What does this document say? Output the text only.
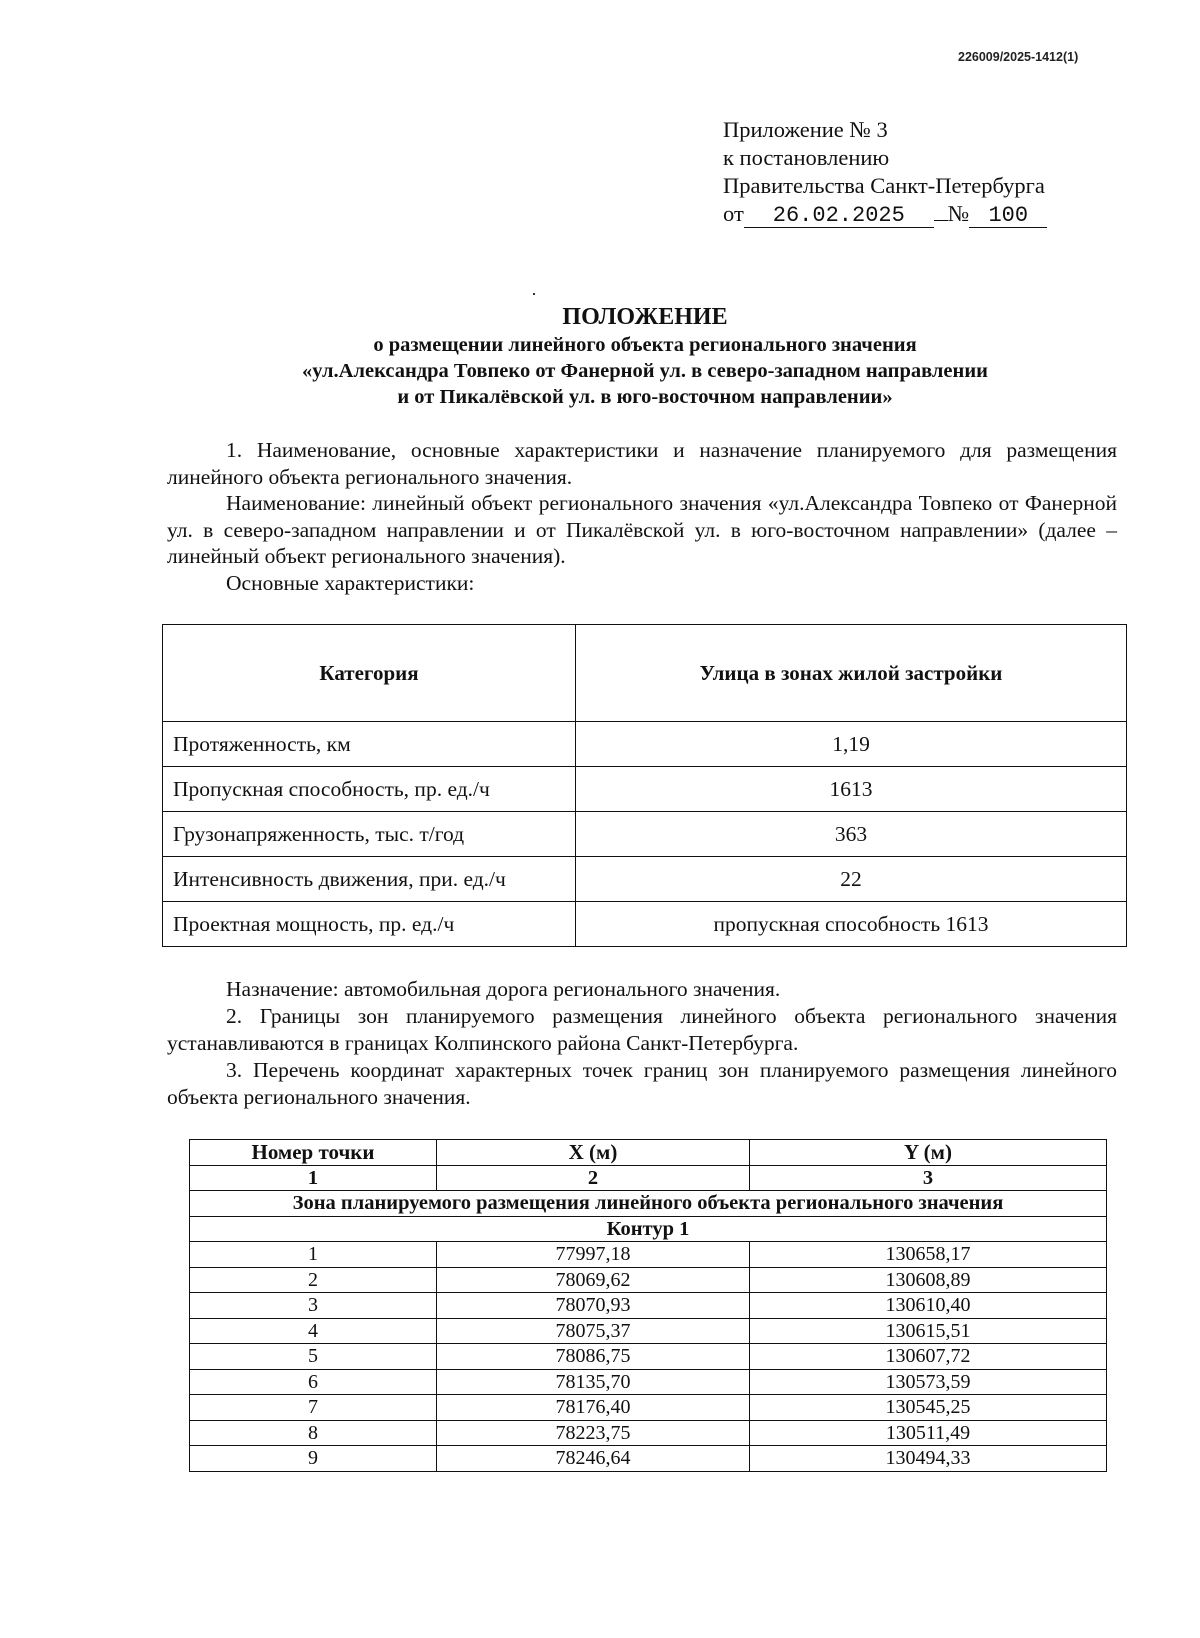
226009/2025-1412(1)
Приложение № 3
к постановлению
Правительства Санкт-Петербурга
от 26.02.2025 № 100
ПОЛОЖЕНИЕ
о размещении линейного объекта регионального значения
«ул.Александра Товпеко от Фанерной ул. в северо-западном направлении
и от Пикалёвской ул. в юго-восточном направлении»
1. Наименование, основные характеристики и назначение планируемого для размещения линейного объекта регионального значения.
Наименование: линейный объект регионального значения «ул.Александра Товпеко от Фанерной ул. в северо-западном направлении и от Пикалёвской ул. в юго-восточном направлении» (далее – линейный объект регионального значения).
Основные характеристики:
Категория	Улица в зонах жилой застройки
Протяженность, км	1,19
Пропускная способность, пр. ед./ч	1613
Грузонапряженность, тыс. т/год	363
Интенсивность движения, при. ед./ч	22
Проектная мощность, пр. ед./ч	пропускная способность 1613
Назначение: автомобильная дорога регионального значения.
2. Границы зон планируемого размещения линейного объекта регионального значения устанавливаются в границах Колпинского района Санкт-Петербурга.
3. Перечень координат характерных точек границ зон планируемого размещения линейного объекта регионального значения.
Номер точки	X (м)	Y (м)
1	2	3
Зона планируемого размещения линейного объекта регионального значения		
Контур 1		
1	77997,18	130658,17
2	78069,62	130608,89
3	78070,93	130610,40
4	78075,37	130615,51
5	78086,75	130607,72
6	78135,70	130573,59
7	78176,40	130545,25
8	78223,75	130511,49
9	78246,64	130494,33
